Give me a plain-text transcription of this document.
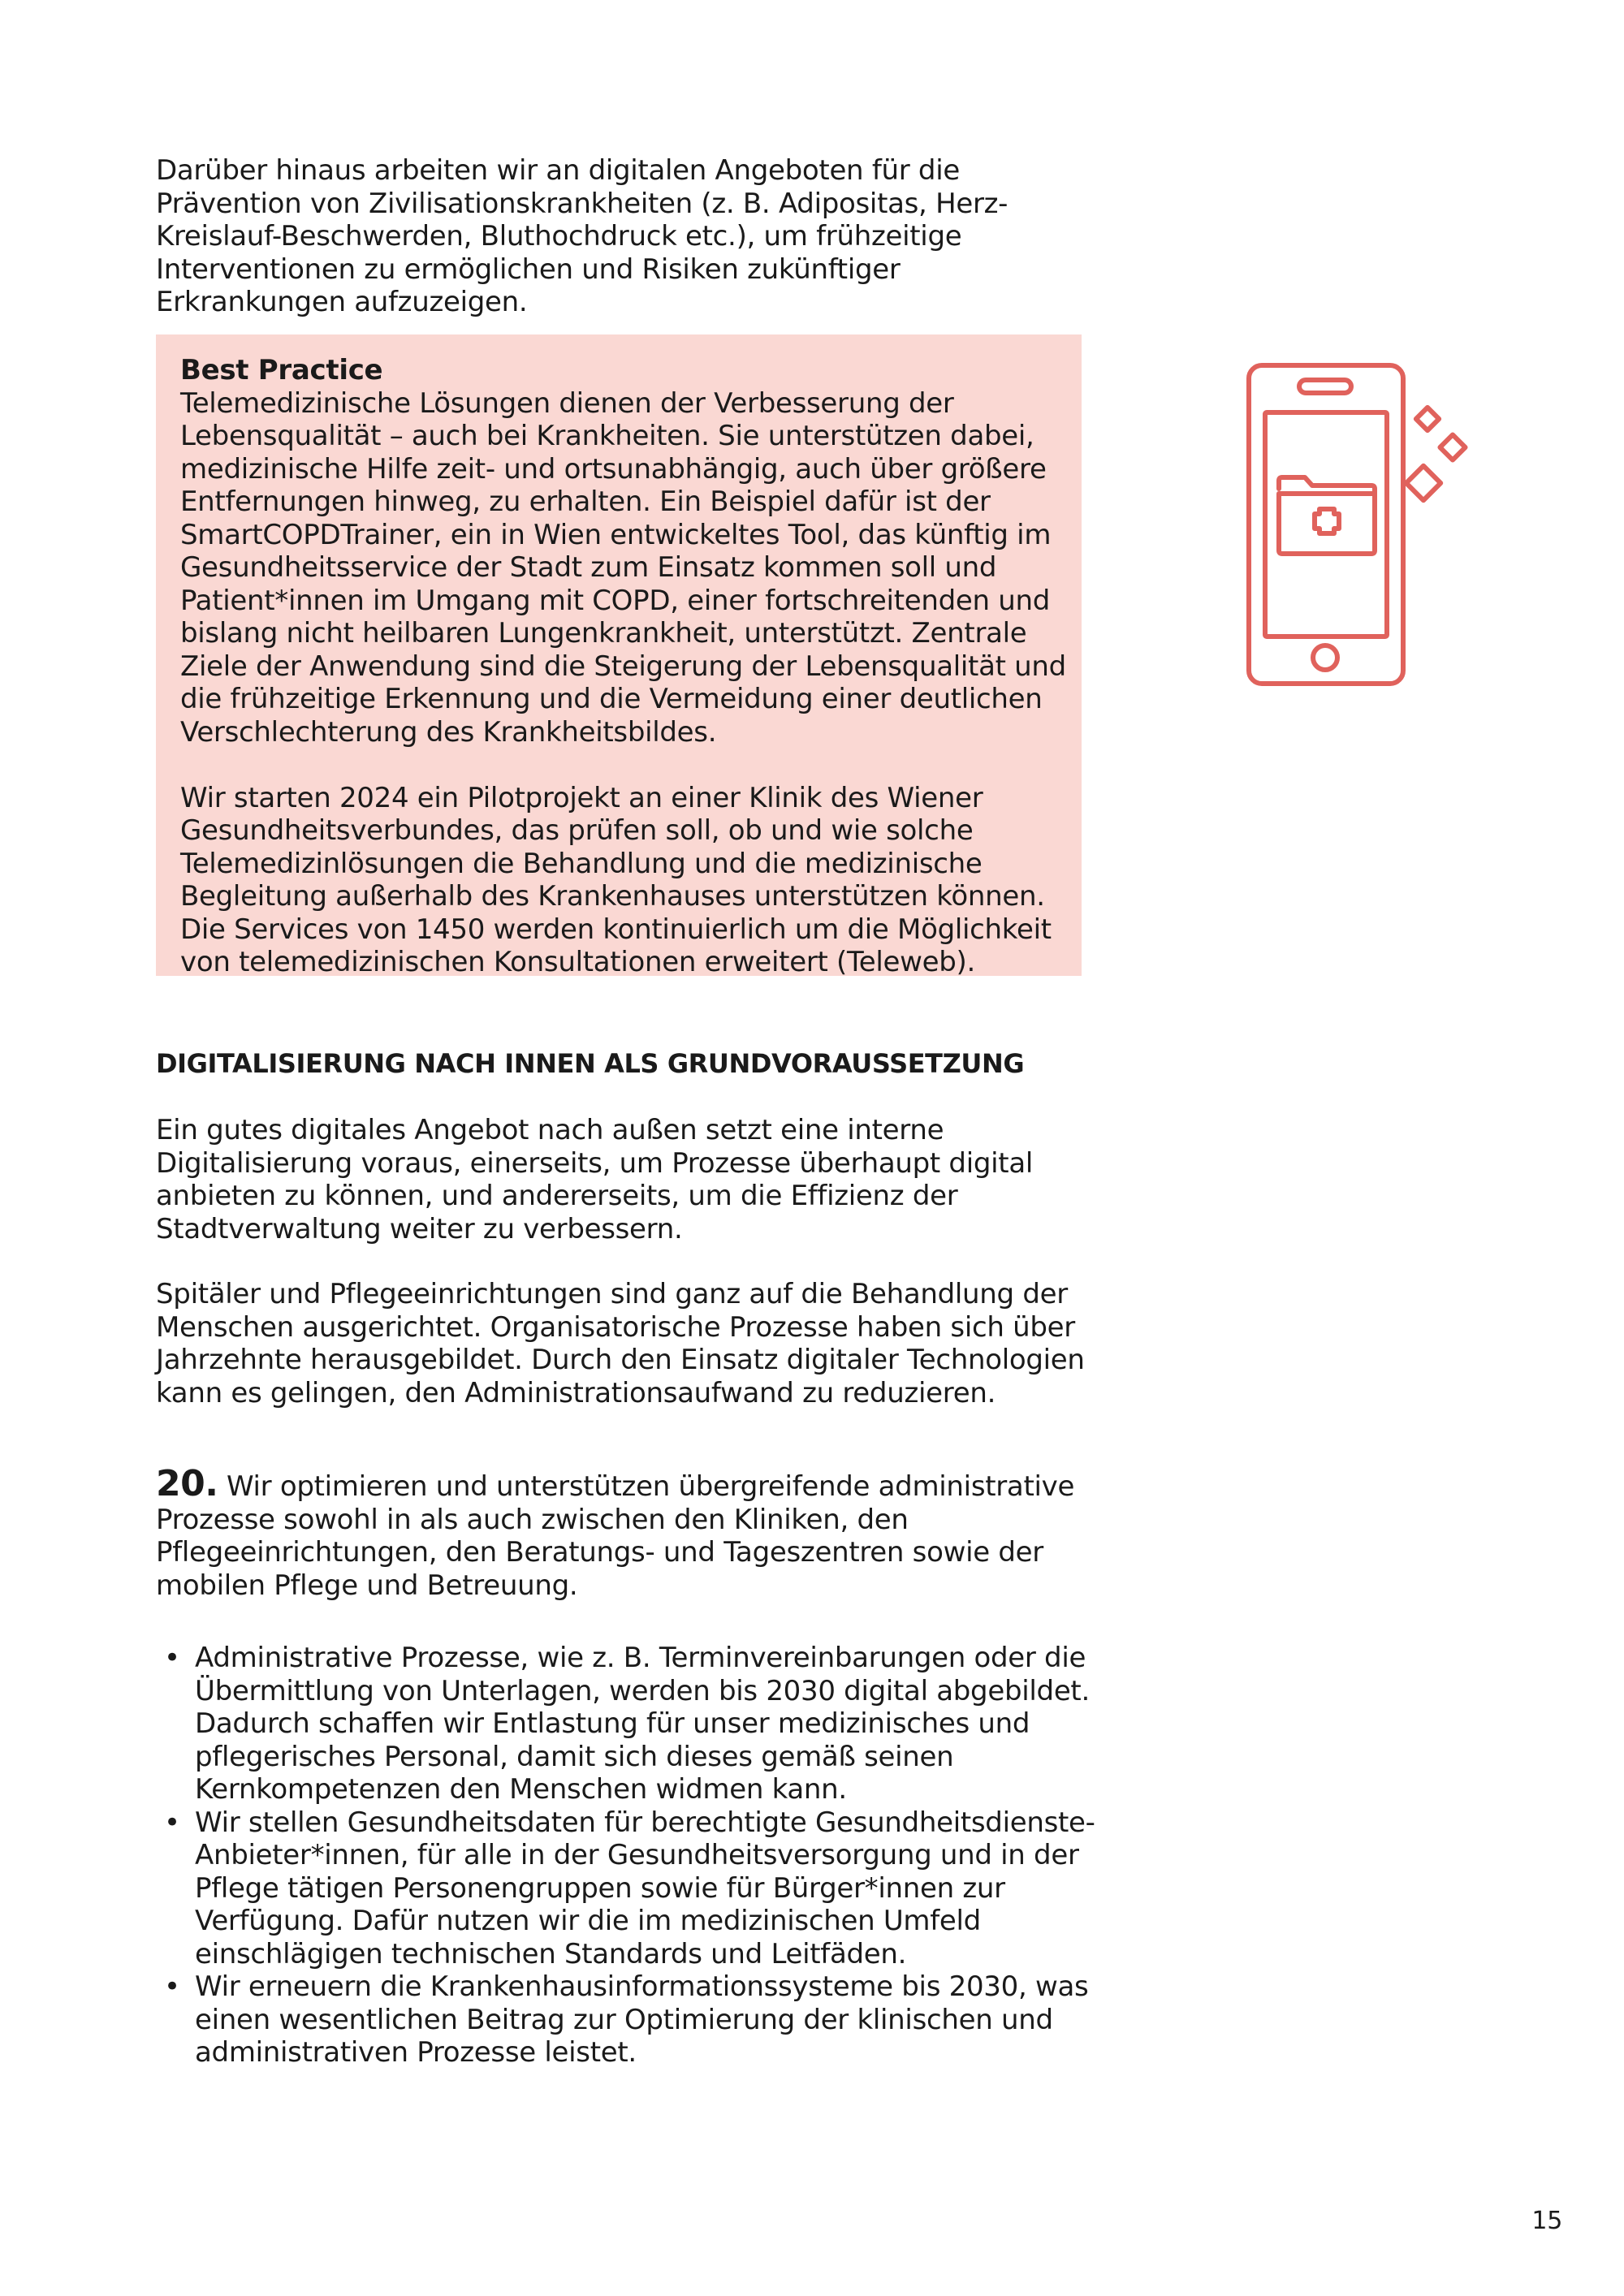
Darüber hinaus arbeiten wir an digitalen Angeboten für die Prävention von Zivilisationskrankheiten (z. B. Adipositas, Herz-Kreislauf-Beschwerden, Bluthochdruck etc.), um frühzeitige Interventionen zu ermöglichen und Risiken zukünftiger Erkrankungen aufzuzeigen.

Best Practice

Telemedizinische Lösungen dienen der Verbesserung der Lebensqualität – auch bei Krankheiten. Sie unterstützen dabei, medizinische Hilfe zeit- und ortsunabhängig, auch über größere Entfernungen hinweg, zu erhalten. Ein Beispiel dafür ist der SmartCOPDTrainer, ein in Wien entwickeltes Tool, das künftig im Gesundheitsservice der Stadt zum Einsatz kommen soll und Patient*innen im Umgang mit COPD, einer fortschreitenden und bislang nicht heilbaren Lungenkrankheit, unterstützt. Zentrale Ziele der Anwendung sind die Steigerung der Lebensqualität und die frühzeitige Erkennung und die Vermeidung einer deutlichen Verschlechterung des Krankheitsbildes.

Wir starten 2024 ein Pilotprojekt an einer Klinik des Wiener Gesundheitsverbundes, das prüfen soll, ob und wie solche Telemedizinlösungen die Behandlung und die medizinische Begleitung außerhalb des Krankenhauses unterstützen können. Die Services von 1450 werden kontinuierlich um die Möglichkeit von telemedizinischen Konsultationen erweitert (Teleweb).

DIGITALISIERUNG NACH INNEN ALS GRUNDVORAUSSETZUNG

Ein gutes digitales Angebot nach außen setzt eine interne Digitalisierung voraus, einerseits, um Prozesse überhaupt digital anbieten zu können, und andererseits, um die Effizienz der Stadtverwaltung weiter zu verbessern.

Spitäler und Pflegeeinrichtungen sind ganz auf die Behandlung der Menschen ausgerichtet. Organisatorische Prozesse haben sich über Jahrzehnte herausgebildet. Durch den Einsatz digitaler Technologien kann es gelingen, den Administrationsaufwand zu reduzieren.

20. Wir optimieren und unterstützen übergreifende administrative Prozesse sowohl in als auch zwischen den Kliniken, den Pflegeeinrichtungen, den Beratungs- und Tageszentren sowie der mobilen Pflege und Betreuung.

• Administrative Prozesse, wie z. B. Terminvereinbarungen oder die Übermittlung von Unterlagen, werden bis 2030 digital abgebildet. Dadurch schaffen wir Entlastung für unser medizinisches und pflegerisches Personal, damit sich dieses gemäß seinen Kernkompetenzen den Menschen widmen kann.
• Wir stellen Gesundheitsdaten für berechtigte Gesundheitsdienste-Anbieter*innen, für alle in der Gesundheitsversorgung und in der Pflege tätigen Personengruppen sowie für Bürger*innen zur Verfügung. Dafür nutzen wir die im medizinischen Umfeld einschlägigen technischen Standards und Leitfäden.
• Wir erneuern die Krankenhausinformationssysteme bis 2030, was einen wesentlichen Beitrag zur Optimierung der klinischen und administrativen Prozesse leistet.
15
